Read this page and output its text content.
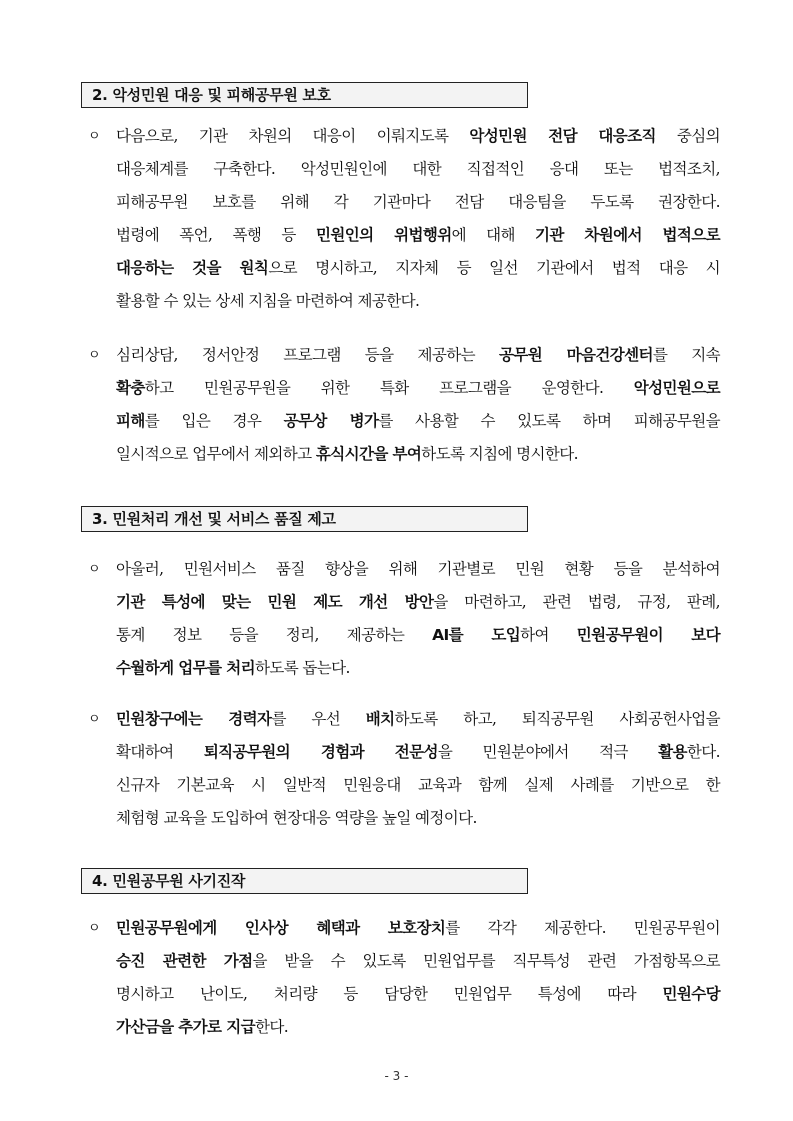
2. 악성민원 대응 및 피해공무원 보호
ㅇ	다음으로, 기관 차원의 대응이 이뤄지도록 악성민원 전담 대응조직 중심의
대응체계를 구축한다. 악성민원인에 대한 직접적인 응대 또는 법적조치,
피해공무원 보호를 위해 각 기관마다 전담 대응팀을 두도록 권장한다.
법령에 폭언, 폭행 등 민원인의 위법행위에 대해 기관 차원에서 법적으로
대응하는 것을 원칙으로 명시하고, 지자체 등 일선 기관에서 법적 대응 시
활용할 수 있는 상세 지침을 마련하여 제공한다.
ㅇ	심리상담, 정서안정 프로그램 등을 제공하는 공무원 마음건강센터를 지속
확충하고 민원공무원을 위한 특화 프로그램을 운영한다. 악성민원으로
피해를 입은 경우 공무상 병가를 사용할 수 있도록 하며 피해공무원을
일시적으로 업무에서 제외하고 휴식시간을 부여하도록 지침에 명시한다.
3. 민원처리 개선 및 서비스 품질 제고
ㅇ	아울러, 민원서비스 품질 향상을 위해 기관별로 민원 현황 등을 분석하여
기관 특성에 맞는 민원 제도 개선 방안을 마련하고, 관련 법령, 규정, 판례,
통계 정보 등을 정리, 제공하는 AI를 도입하여 민원공무원이 보다
수월하게 업무를 처리하도록 돕는다.
ㅇ	민원창구에는 경력자를 우선 배치하도록 하고, 퇴직공무원 사회공헌사업을
확대하여 퇴직공무원의 경험과 전문성을 민원분야에서 적극 활용한다.
신규자 기본교육 시 일반적 민원응대 교육과 함께 실제 사례를 기반으로 한
체험형 교육을 도입하여 현장대응 역량을 높일 예정이다.
4. 민원공무원 사기진작
ㅇ	민원공무원에게 인사상 혜택과 보호장치를 각각 제공한다. 민원공무원이
승진 관련한 가점을 받을 수 있도록 민원업무를 직무특성 관련 가점항목으로
명시하고 난이도, 처리량 등 담당한 민원업무 특성에 따라 민원수당
가산금을 추가로 지급한다.
- 3 -
